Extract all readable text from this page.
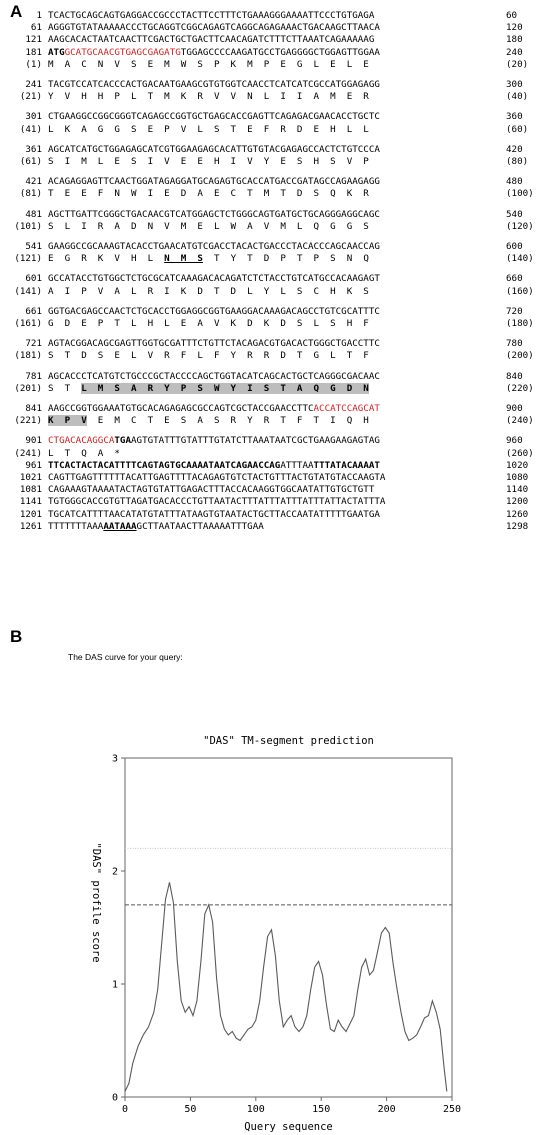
A	1 TCACTGCAGCAGTGAGGACCGCCCTACTTCCTTTCTGAAAGGGAAAATTCCCTGTGAGA	60
61 AGGGTGTATAAAAACCCTGCAGGTCGGCAGAGTCAGGCAGAGAAACTGACAAGCTTAACA	120
121 AAGCACACTAATCAACTTCGACTGCTGACTTCAACAGATCTTTCTTAAATCAGAAAAAG	180
181 ATGGCATGCAACGTGAGCGAGATGTGGAGCCCCAAGATGCCTGAGGGGCTGGAGTTGGAA	240
(1) M  A  C  N  V  S  E  M  W  S  P  K  M  P  E  G  L  E  L  E	(20)
241 TACGTCCATCACCCACTGACAATGAAGCGTGTGGTCAACCTCATCATCGCCATGGAGAGG	300
(21) Y  V  H  H  P  L  T  M  K  R  V  V  N  L  I  I  A  M  E  R	(40)
301 CTGAAGGCCGGCGGGTCAGAGCCGGTGCTGAGCACCGAGTTCAGAGACGAACACCTGCTC	360
(41) L  K  A  G  G  S  E  P  V  L  S  T  E  F  R  D  E  H  L  L	(60)
361 AGCATCATGCTGGAGAGCATCGTGGAAGAGCACATTGTGTACGAGAGCCACTCTGTCCCA	420
(61) S  I  M  L  E  S  I  V  E  E  H  I  V  Y  E  S  H  S  V  P	(80)
421 ACAGAGGAGTTCAACTGGATAGAGGATGCAGAGTGCACCATGACCGATAGCCAGAAGAGG	480
(81) T  E  E  F  N  W  I  E  D  A  E  C  T  M  T  D  S  Q  K  R	(100)
481 AGCTTGATTCGGGCTGACAACGTCATGGAGCTCTGGGCAGTGATGCTGCAGGGAGGCAGC	540
(101) S  L  I  R  A  D  N  V  M  E  L  W  A  V  M  L  Q  G  G  S	(120)
541 GAAGGCCGCAAAGTACACCTGAACATGTCGACCTACACTGACCCTACACCCAGCAACCAG	600
(121) E  G  R  K  V  H  L  N  M  S  T  Y  T  D  P  T  P  S  N  Q	(140)
601 GCCATACCTGTGGCTCTGCGCATCAAAGACACAGATCTCTACCTGTCATGCCACAAGAGT	660
(141) A  I  P  V  A  L  R  I  K  D  T  D  L  Y  L  S  C  H  K  S	(160)
661 GGTGACGAGCCAACTCTGCACCTGGAGGCGGTGAAGGACAAAGACAGCCTGTCGCATTTC	720
(161) G  D  E  P  T  L  H  L  E  A  V  K  D  K  D  S  L  S  H  F	(180)
721 AGTACGGACAGCGAGTTGGTGCGATTTCTGTTCTACAGACGTGACACTGGGCTGACCTTC	780
(181) S  T  D  S  E  L  V  R  F  L  F  Y  R  R  D  T  G  L  T  F	(200)
781 AGCACCCTCATGTCTGCCCGCTACCCCAGCTGGTACATCAGCACTGCTCAGGGCGACAAC	840
(201) S  T  L  M  S  A  R  Y  P  S  W  Y  I  S  T  A  Q  G  D  N	(220)
841 AAGCCGGTGGAAATGTGCACAGAGAGCGCCAGTCGCTACCGAACCTTCACCATCCAGCAT	900
(221) K  P  V  E  M  C  T  E  S  A  S  R  Y  R  T  F  T  I  Q  H	(240)
901 CTGACACAGGCATGAAGTGTATTTGTATTTGTATCTTAAATAATCGCTGAAGAAGAGTAG	960
(241) L  T  Q  A  *	(260)
961 TTCACTACTACATTTTCAGTAGTGCAAAATAATCAGAACCAGATTTAATTTATACAAAAT	1020
1021 CAGTTGAGTTTTTTACATTGAGTTTTACAGAGTGTCTACTGTTTACTGTATGTACCAAGTA	1080
1081 CAGAAAGTAAAATACTAGTGTATTGAGACTTTACCACAAGGTGGCAATATTGTGCTGTT	1140
1141 TGTGGGCACCGTGTTAGATGACACCCTGTTAATACTTTATTTATTTATTTATTACTATTTA	1200
1201 TGCATCATTTTAACATATGTATTTATAAGTGTAATACTGCTTACCAATATTTTTGAATGA	1260
1261 TTTTTTTAAAAATAAAGCTTAATAACTTAAAAATTTGAA	1298
B
The DAS curve for your query:
"DAS" TM-segment prediction
0	50	100	150	200	250
0
1
2
3
Query sequence
"DAS" profile score
